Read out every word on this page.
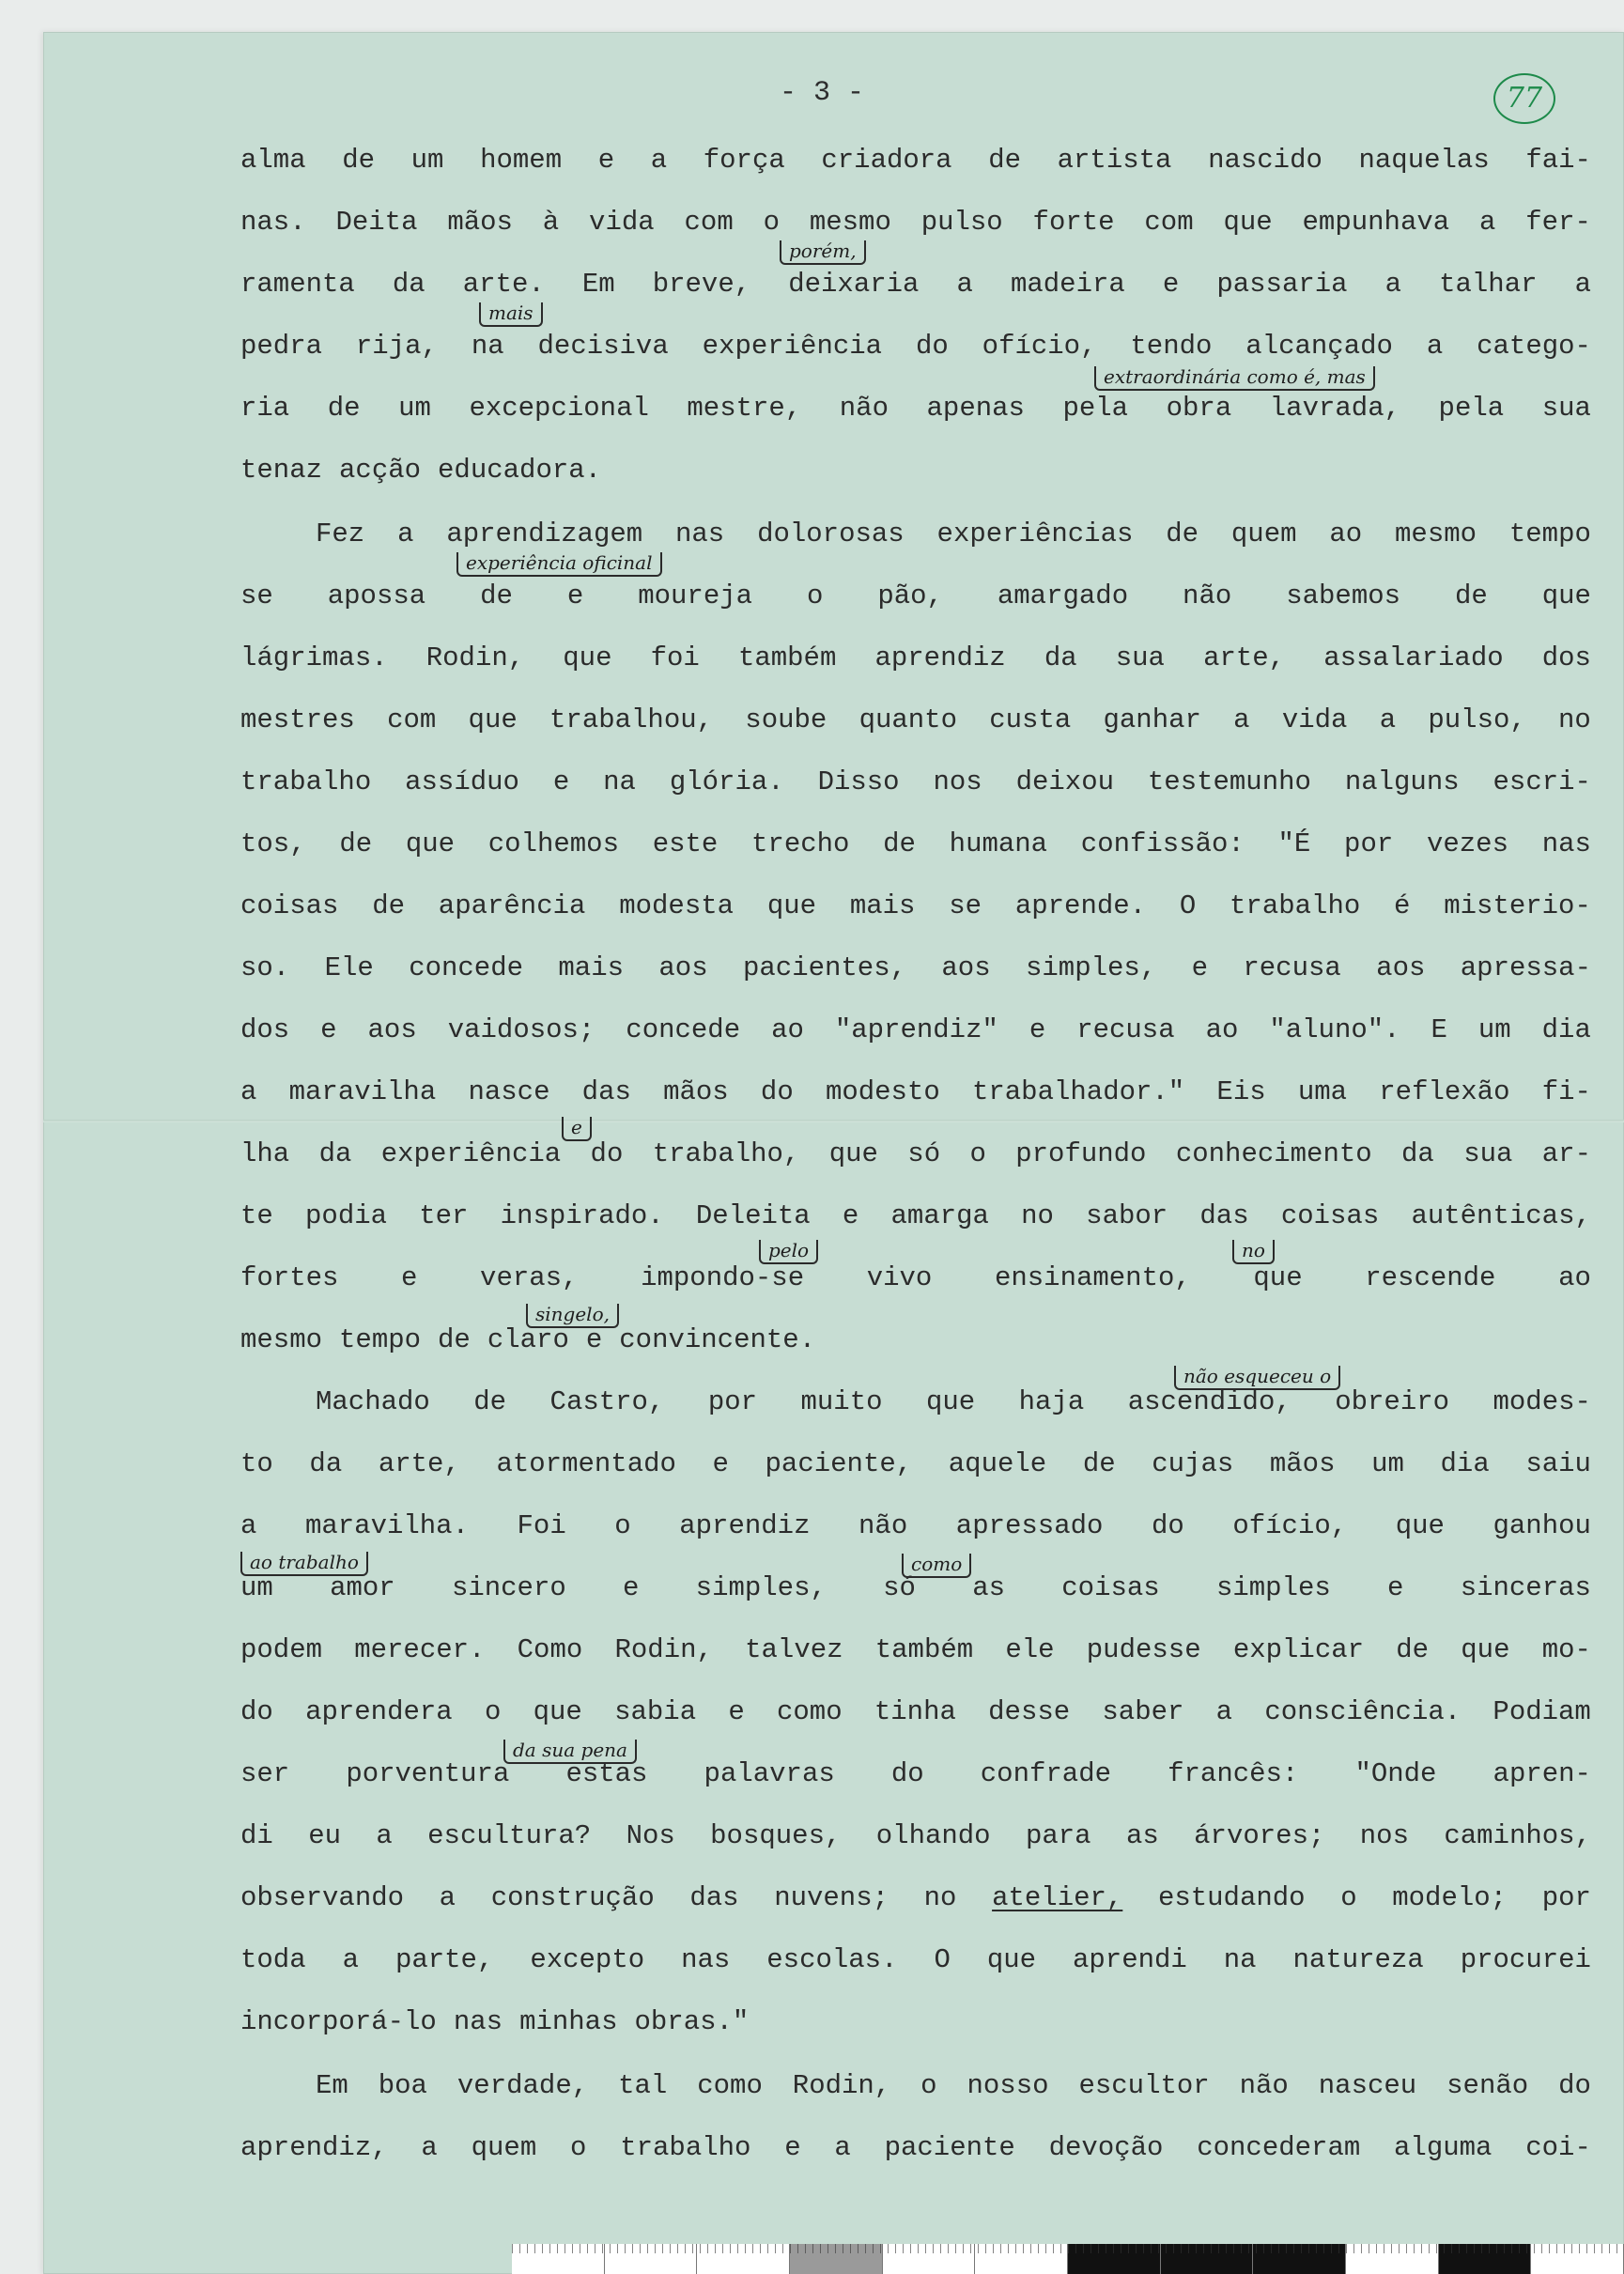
- 3 -	77
alma de um homem e a força criadora de artista nascido naquelas fai-
nas. Deita mãos à vida com o mesmo pulso forte com que empunhava a fer-
ramenta da arte. Em breve, deixaria a madeira e passaria a talhar a
pedra rija, na decisiva experiência do ofício, tendo alcançado a catego-
ria de um excepcional mestre, não apenas pela obra lavrada, pela sua
tenaz acção educadora.
Fez a aprendizagem nas dolorosas experiências de quem ao mesmo tempo
se apossa de e moureja o pão, amargado não sabemos de que
lágrimas. Rodin, que foi também aprendiz da sua arte, assalariado dos
mestres com que trabalhou, soube quanto custa ganhar a vida a pulso, no
trabalho assíduo e na glória. Disso nos deixou testemunho nalguns escri-
tos, de que colhemos este trecho de humana confissão: "É por vezes nas
coisas de aparência modesta que mais se aprende. O trabalho é misterio-
so. Ele concede mais aos pacientes, aos simples, e recusa aos apressa-
dos e aos vaidosos; concede ao "aprendiz" e recusa ao "aluno". E um dia
a maravilha nasce das mãos do modesto trabalhador." Eis uma reflexão fi-
lha da experiência do trabalho, que só o profundo conhecimento da sua ar-
te podia ter inspirado. Deleita e amarga no sabor das coisas autênticas,
fortes e veras, impondo-se vivo ensinamento, que rescende ao
mesmo tempo de claro e convincente.
Machado de Castro, por muito que haja ascendido, obreiro modes-
to da arte, atormentado e paciente, aquele de cujas mãos um dia saiu
a maravilha. Foi o aprendiz não apressado do ofício, que ganhou
um amor sincero e simples, só as coisas simples e sinceras
podem merecer. Como Rodin, talvez também ele pudesse explicar de que mo-
do aprendera o que sabia e como tinha desse saber a consciência. Podiam
ser porventura estas palavras do confrade francês: "Onde apren-
di eu a escultura? Nos bosques, olhando para as árvores; nos caminhos,
observando a construção das nuvens; no atelier, estudando o modelo; por
toda a parte, excepto nas escolas. O que aprendi na natureza procurei
incorporá-lo nas minhas obras."
Em boa verdade, tal como Rodin, o nosso escultor não nasceu senão do
aprendiz, a quem o trabalho e a paciente devoção concederam alguma coi-
porém,
mais
extraordinária como é, mas
experiência oficinal
e
pelo	no
singelo,
não esqueceu o
ao trabalho	como
da sua pena
